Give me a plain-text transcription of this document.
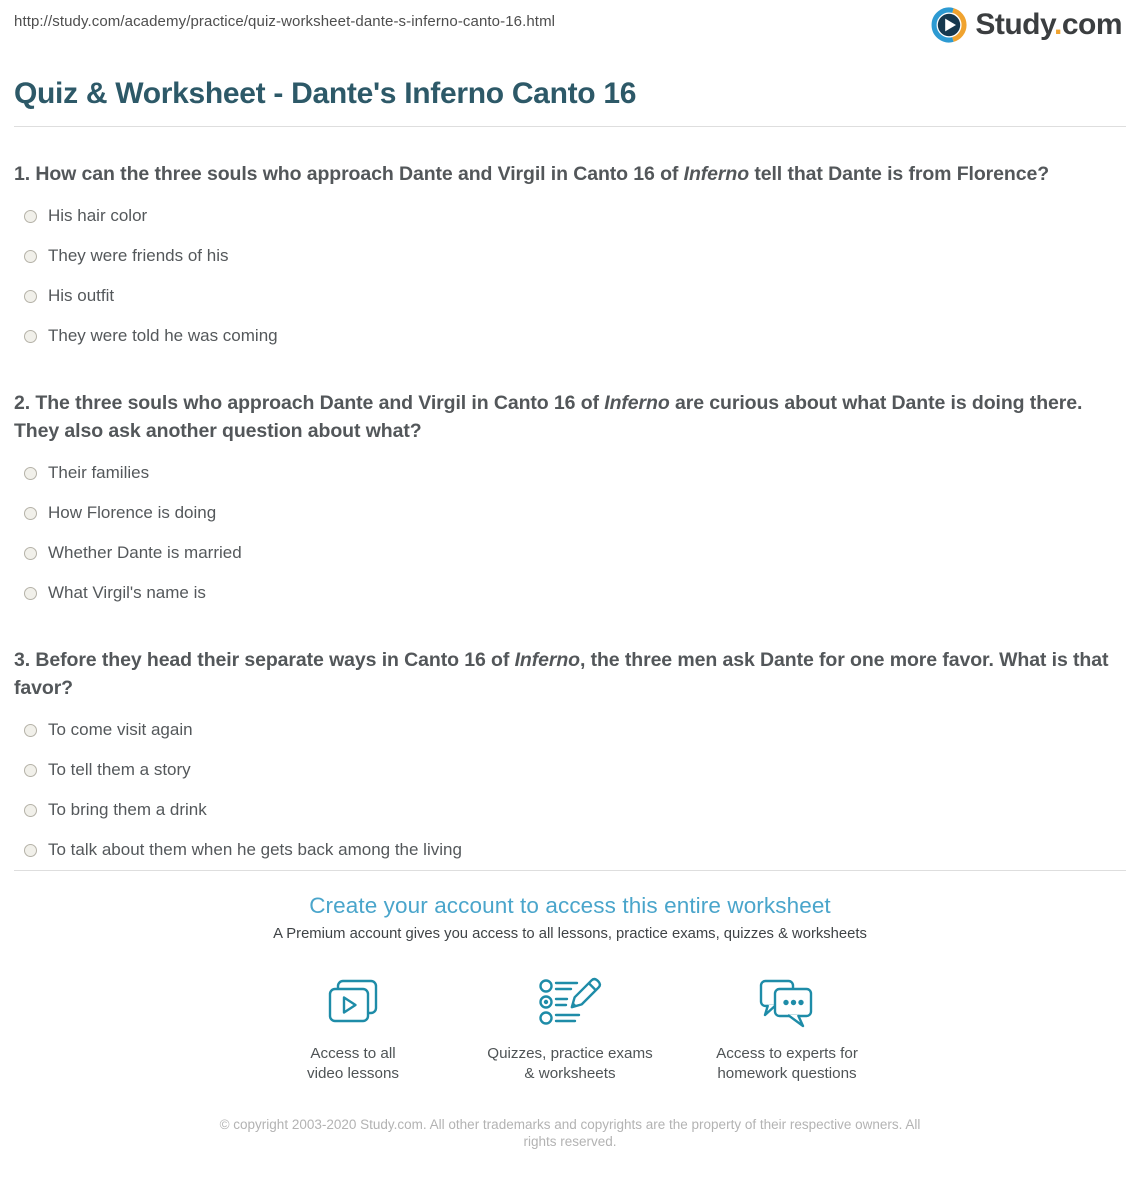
http://study.com/academy/practice/quiz-worksheet-dante-s-inferno-canto-16.html	Study.com
Quiz & Worksheet - Dante's Inferno Canto 16
1. How can the three souls who approach Dante and Virgil in Canto 16 of Inferno tell that Dante is from Florence?
His hair color
They were friends of his
His outfit
They were told he was coming
2. The three souls who approach Dante and Virgil in Canto 16 of Inferno are curious about what Dante is doing there. They also ask another question about what?
Their families
How Florence is doing
Whether Dante is married
What Virgil's name is
3. Before they head their separate ways in Canto 16 of Inferno, the three men ask Dante for one more favor. What is that favor?
To come visit again
To tell them a story
To bring them a drink
To talk about them when he gets back among the living
Create your account to access this entire worksheet

A Premium account gives you access to all lessons, practice exams, quizzes & worksheets

Access to all
video lessons
Quizzes, practice exams
& worksheets
Access to experts for
homework questions

© copyright 2003-2020 Study.com. All other trademarks and copyrights are the property of their respective owners. All rights reserved.
